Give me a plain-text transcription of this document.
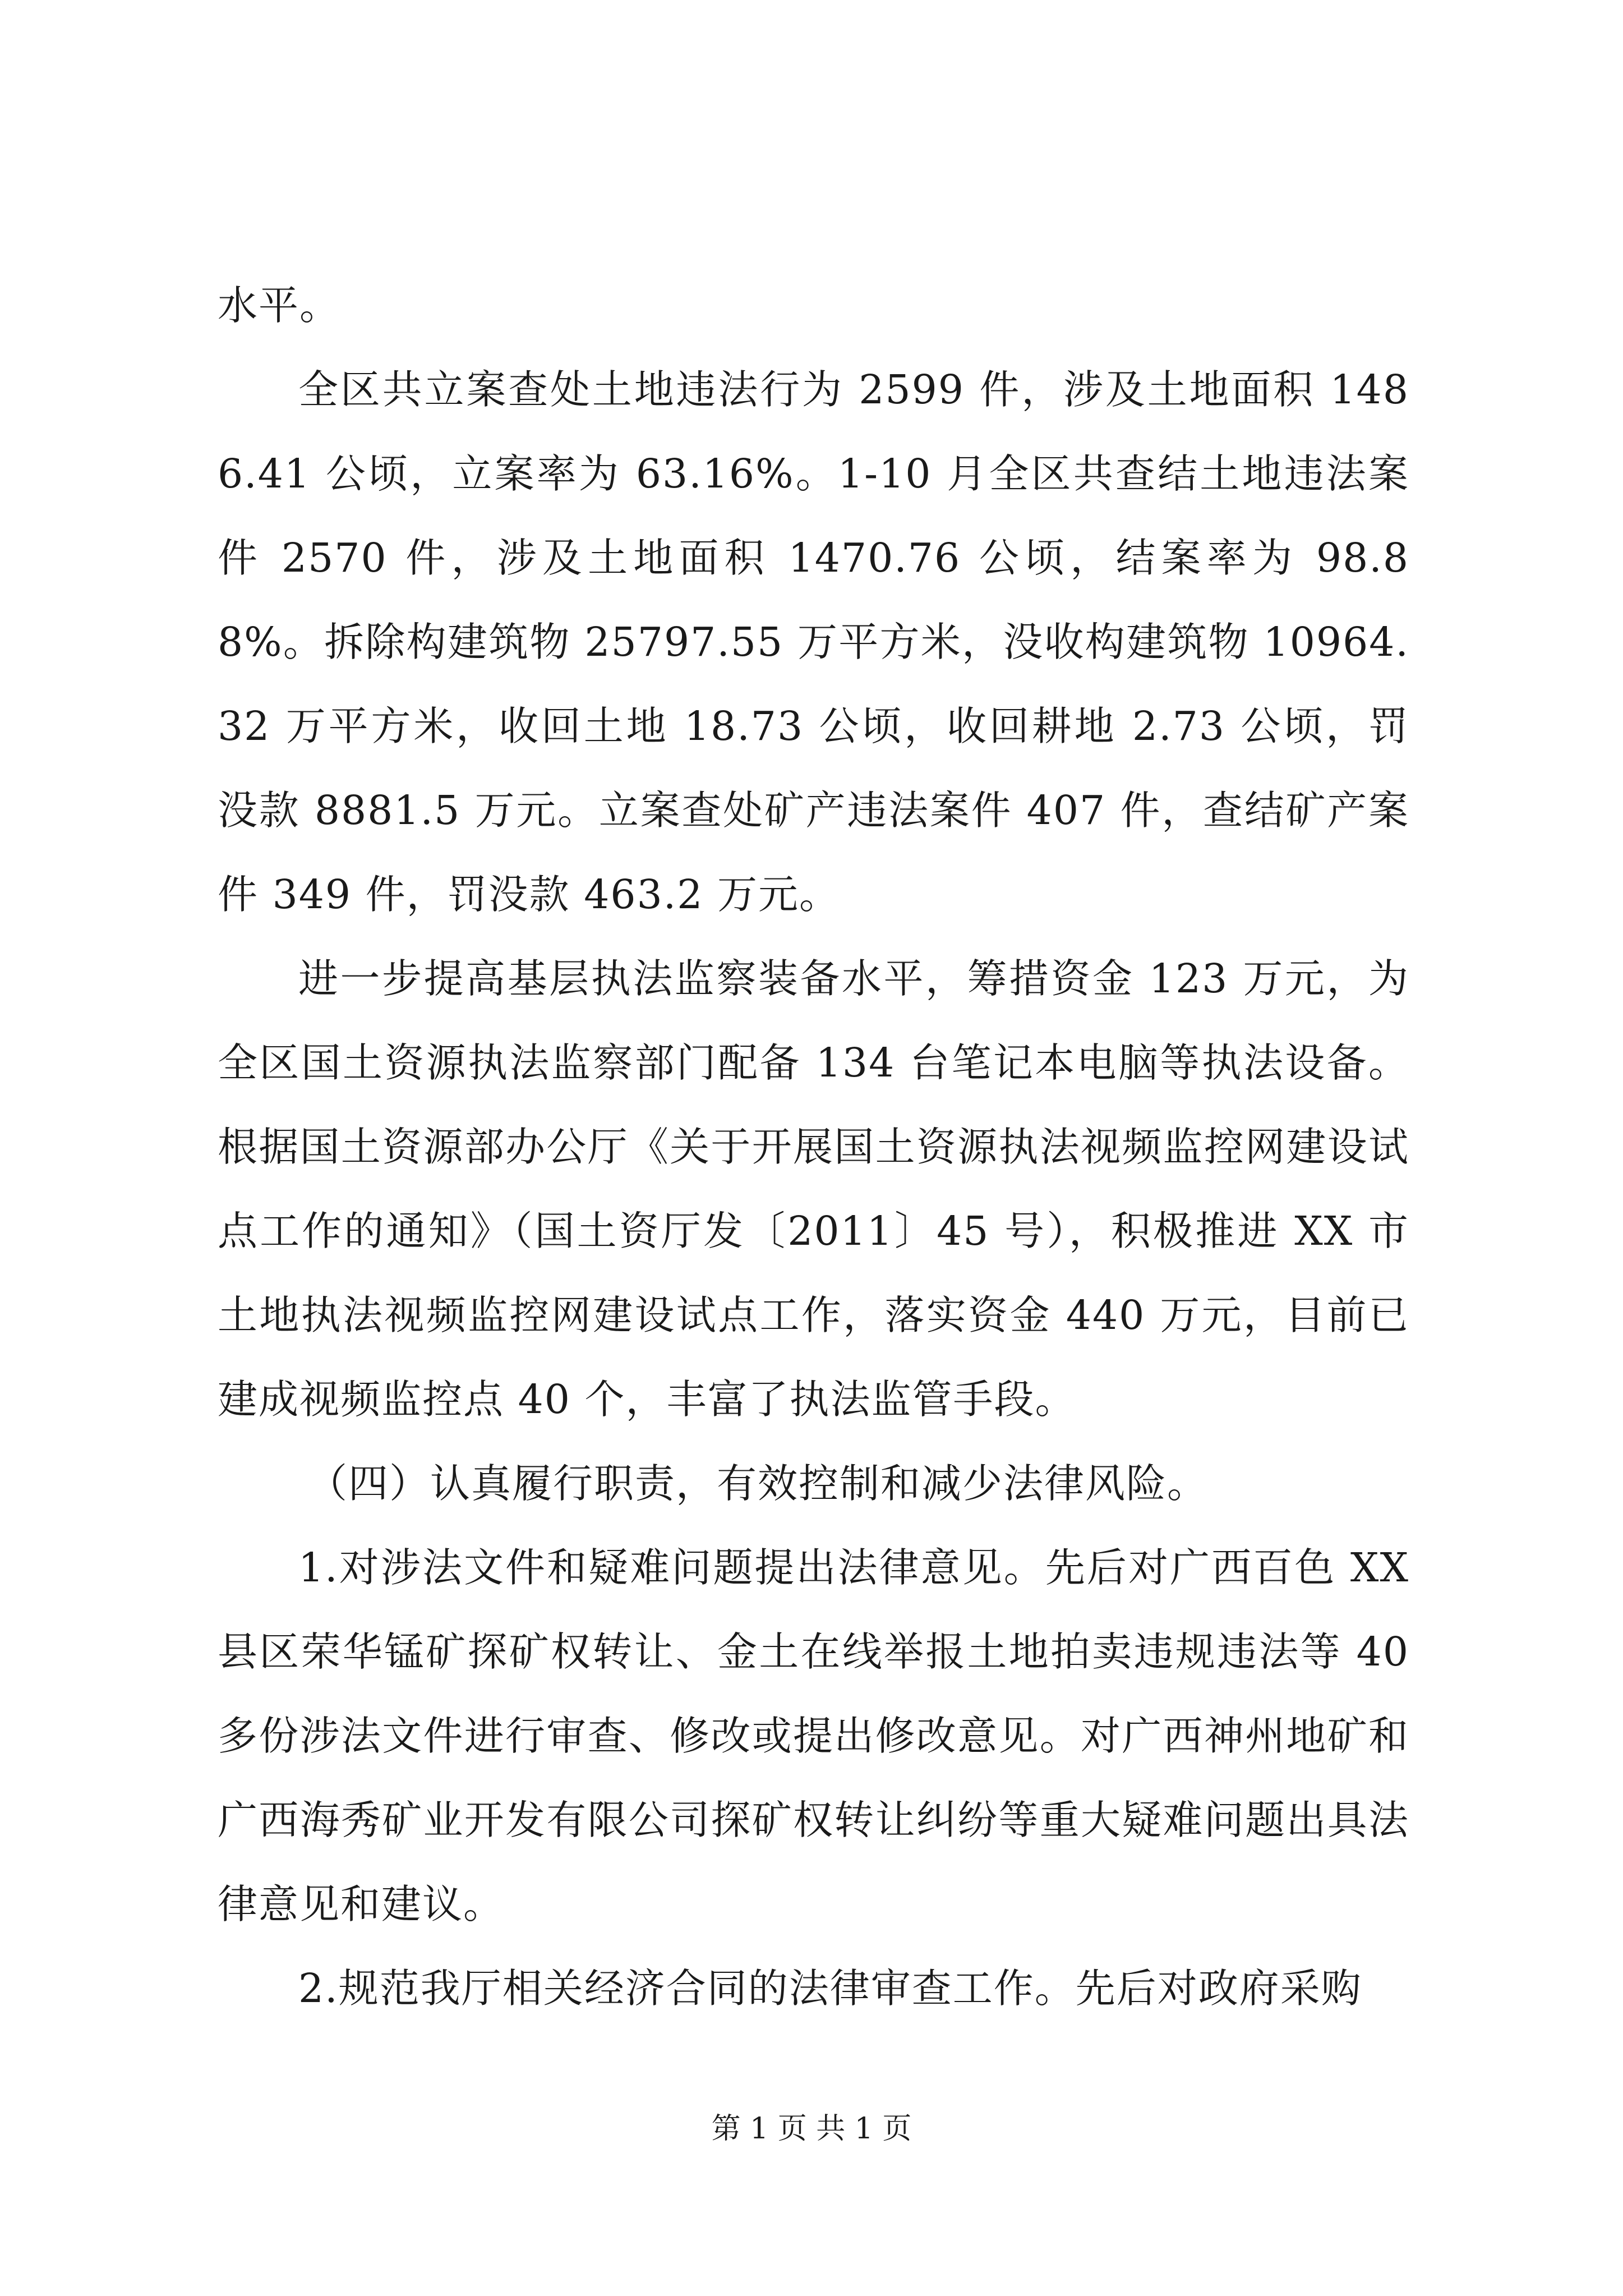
水平。

全区共立案查处土地违法行为 2599 件，涉及土地面积 1486.41 公顷，立案率为 63.16%。1-10 月全区共查结土地违法案件 2570 件，涉及土地面积 1470.76 公顷，结案率为 98.88%。拆除构建筑物 25797.55 万平方米，没收构建筑物 10964.32 万平方米，收回土地 18.73 公顷，收回耕地 2.73 公顷，罚没款 8881.5 万元。立案查处矿产违法案件 407 件，查结矿产案件 349 件，罚没款 463.2 万元。

进一步提高基层执法监察装备水平，筹措资金 123 万元，为全区国土资源执法监察部门配备 134 台笔记本电脑等执法设备。根据国土资源部办公厅《关于开展国土资源执法视频监控网建设试点工作的通知》（国土资厅发〔2011〕45 号），积极推进 XX 市土地执法视频监控网建设试点工作，落实资金 440 万元，目前已建成视频监控点 40 个，丰富了执法监管手段。

（四）认真履行职责，有效控制和减少法律风险。

1.对涉法文件和疑难问题提出法律意见。先后对广西百色 XX 县区荣华锰矿探矿权转让、金土在线举报土地拍卖违规违法等 40 多份涉法文件进行审查、修改或提出修改意见。对广西神州地矿和广西海秀矿业开发有限公司探矿权转让纠纷等重大疑难问题出具法律意见和建议。

2.规范我厅相关经济合同的法律审查工作。先后对政府采购

第 1 页 共 1 页
